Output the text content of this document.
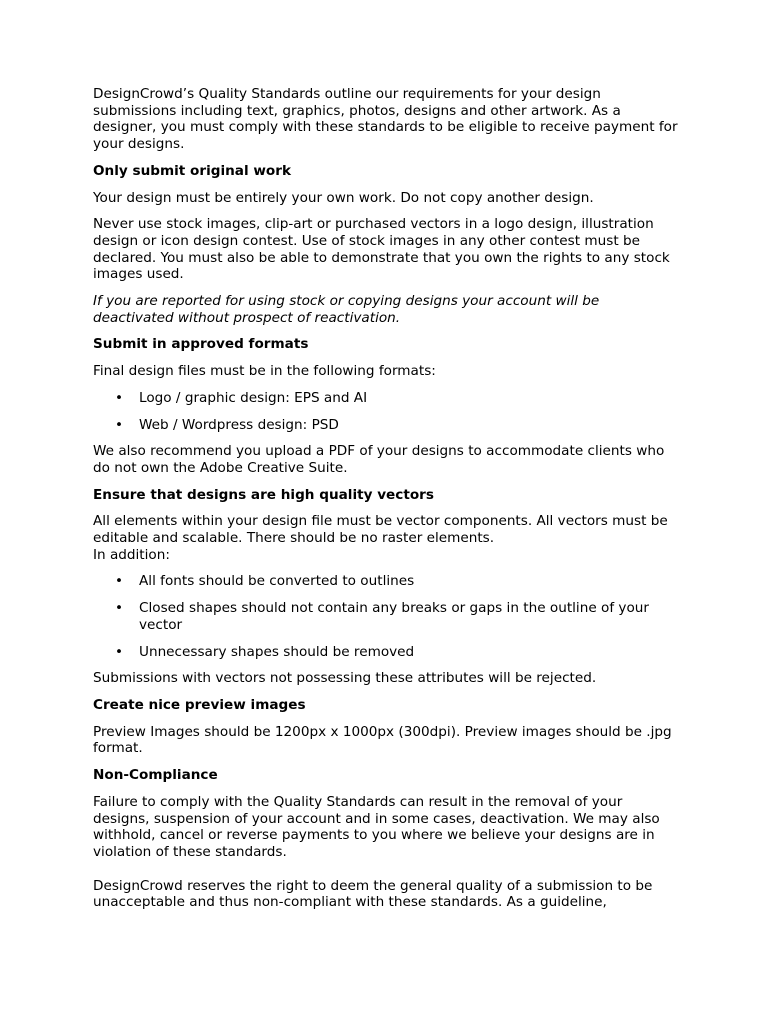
DesignCrowd’s Quality Standards outline our requirements for your design submissions including text, graphics, photos, designs and other artwork. As a designer, you must comply with these standards to be eligible to receive payment for your designs.

Only submit original work

Your design must be entirely your own work. Do not copy another design.

Never use stock images, clip-art or purchased vectors in a logo design, illustration design or icon design contest. Use of stock images in any other contest must be declared. You must also be able to demonstrate that you own the rights to any stock images used.

If you are reported for using stock or copying designs your account will be deactivated without prospect of reactivation.

Submit in approved formats

Final design files must be in the following formats:

• Logo / graphic design: EPS and AI
• Web / Wordpress design: PSD

We also recommend you upload a PDF of your designs to accommodate clients who do not own the Adobe Creative Suite.

Ensure that designs are high quality vectors

All elements within your design file must be vector components. All vectors must be editable and scalable. There should be no raster elements.
In addition:

• All fonts should be converted to outlines
• Closed shapes should not contain any breaks or gaps in the outline of your vector
• Unnecessary shapes should be removed

Submissions with vectors not possessing these attributes will be rejected.

Create nice preview images

Preview Images should be 1200px x 1000px (300dpi). Preview images should be .jpg format.

Non-Compliance

Failure to comply with the Quality Standards can result in the removal of your designs, suspension of your account and in some cases, deactivation. We may also withhold, cancel or reverse payments to you where we believe your designs are in violation of these standards.

DesignCrowd reserves the right to deem the general quality of a submission to be unacceptable and thus non-compliant with these standards. As a guideline,
